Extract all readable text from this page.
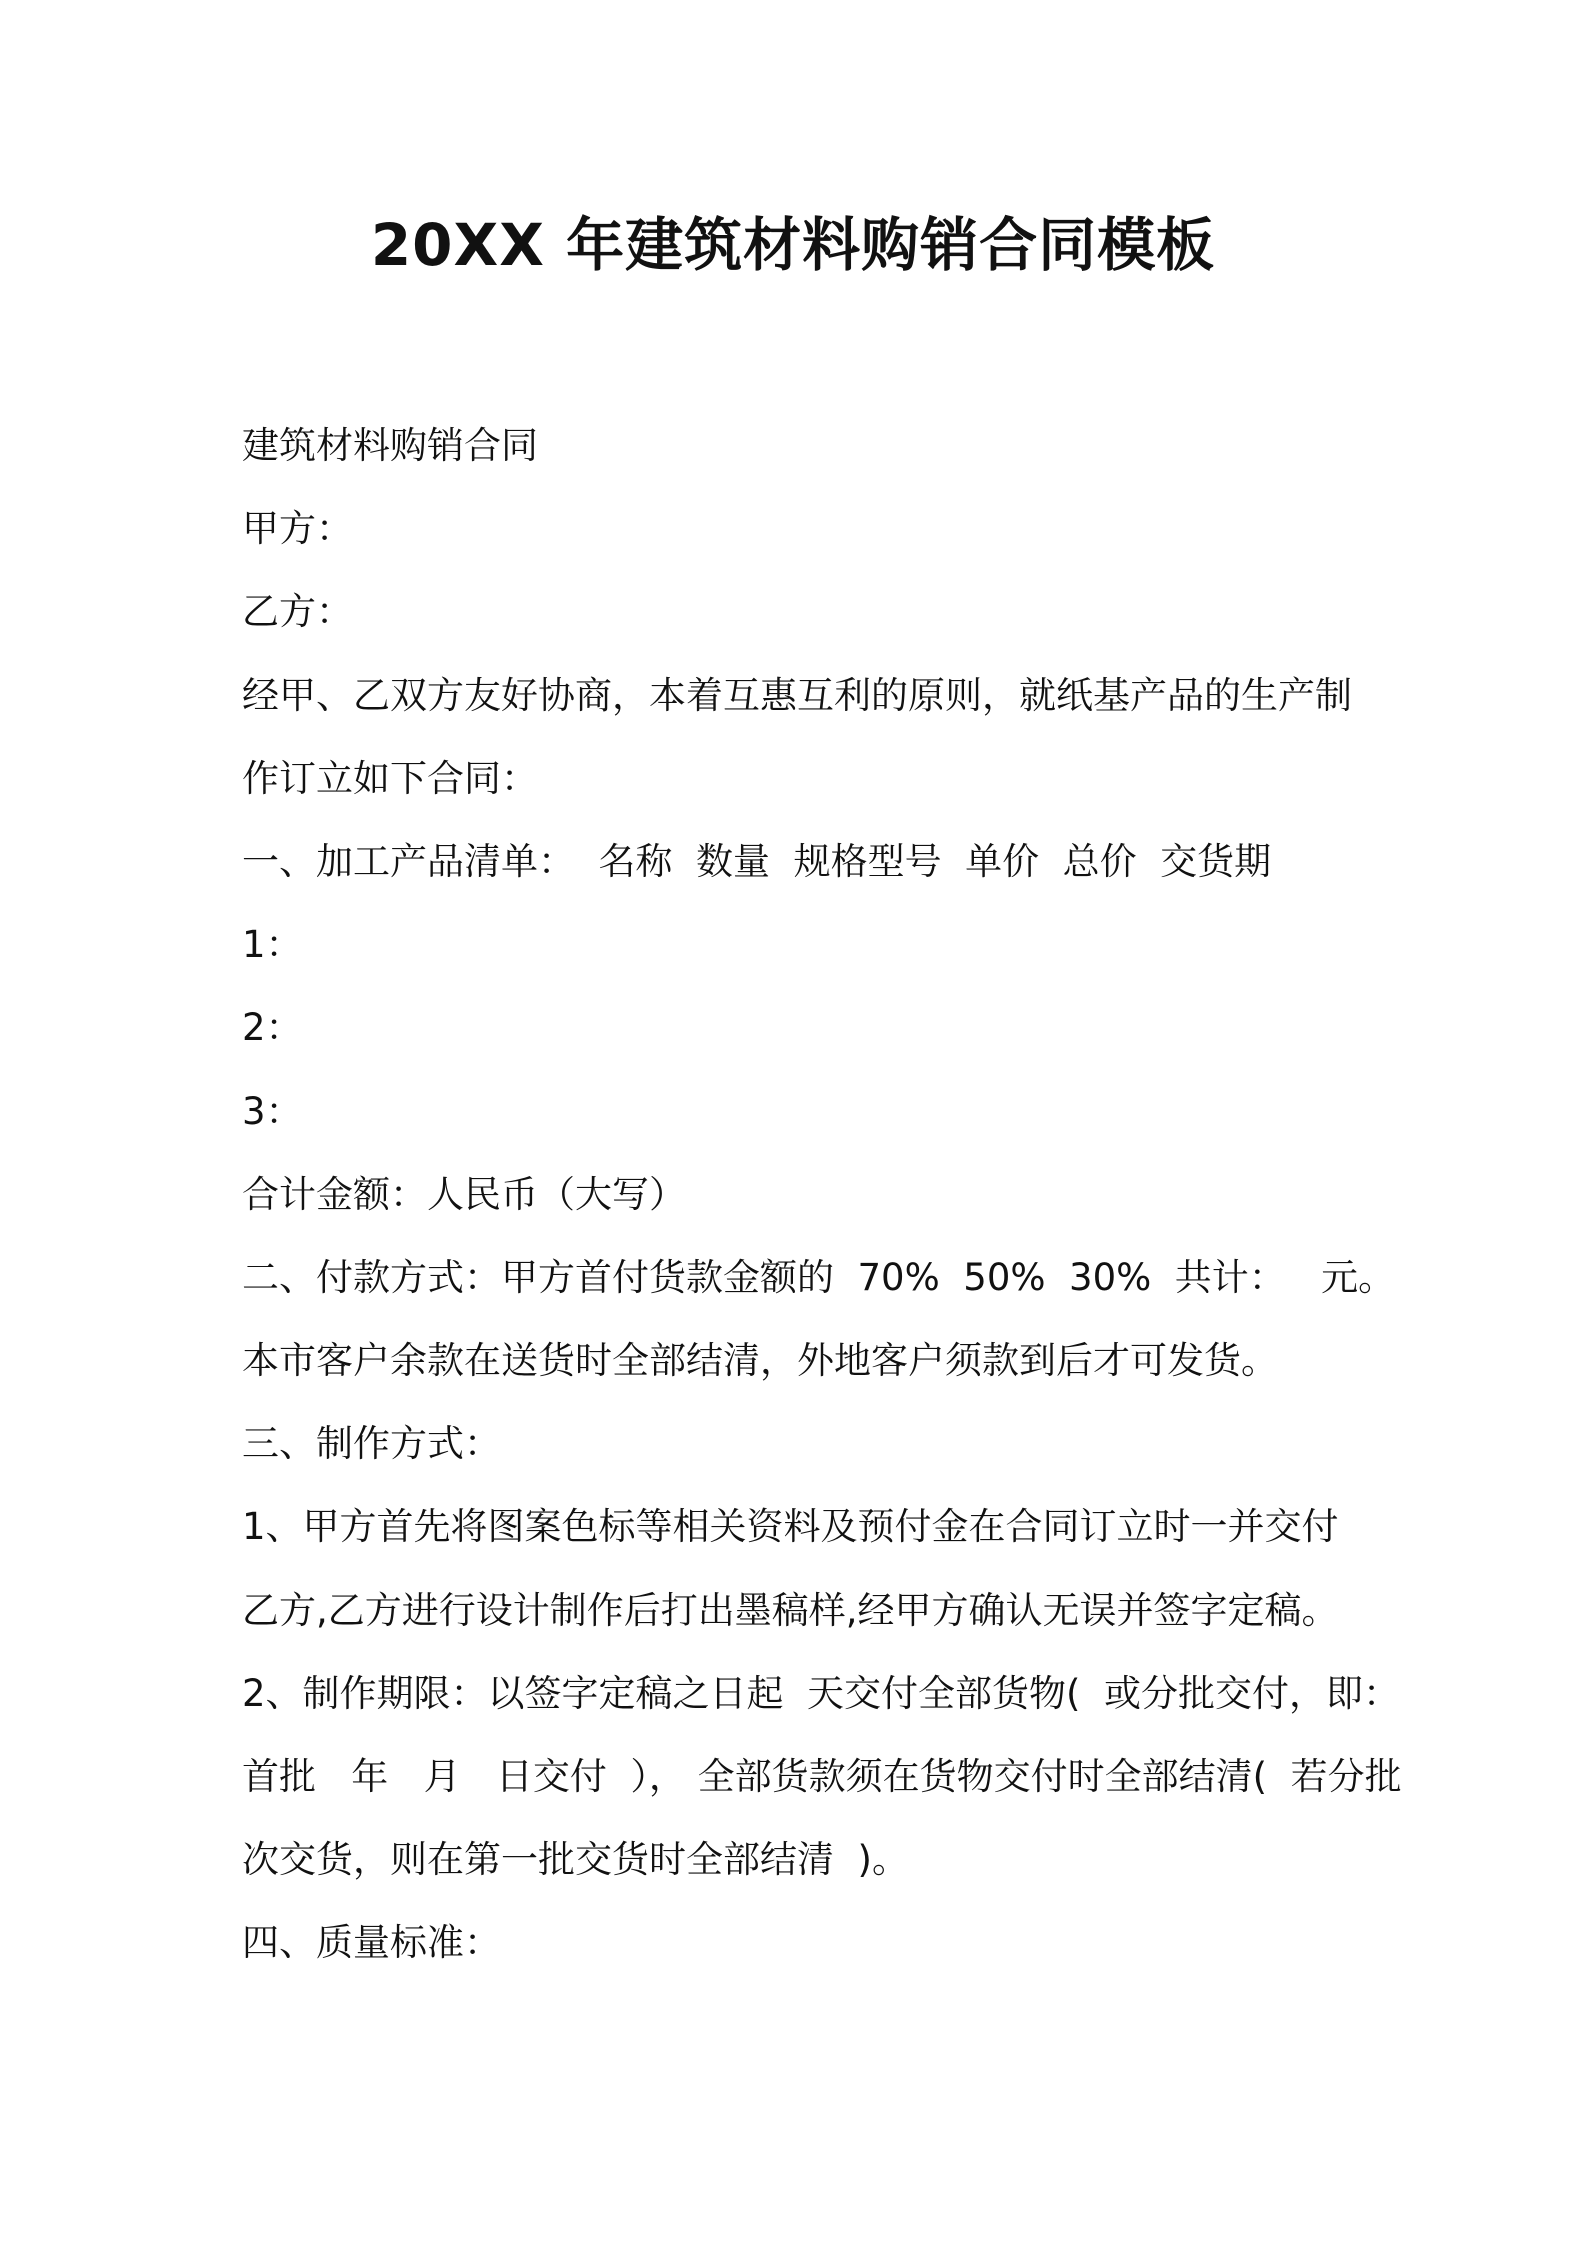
20XX 年建筑材料购销合同模板

建筑材料购销合同

甲方：

乙方：

经甲、乙双方友好协商，本着互惠互利的原则，就纸基产品的生产制

作订立如下合同：

一、加工产品清单：  名称  数量  规格型号  单价  总价  交货期

1：

2：

3：

合计金额：人民币（大写）

二、付款方式：甲方首付货款金额的  70%  50%  30%  共计：   元。

本市客户余款在送货时全部结清，外地客户须款到后才可发货。

三、制作方式：

1、甲方首先将图案色标等相关资料及预付金在合同订立时一并交付

乙方,乙方进行设计制作后打出墨稿样,经甲方确认无误并签字定稿。

2、制作期限：以签字定稿之日起  天交付全部货物(  或分批交付，即：

首批   年   月   日交付  ）， 全部货款须在货物交付时全部结清(  若分批

次交货，则在第一批交货时全部结清  )。

四、质量标准：
